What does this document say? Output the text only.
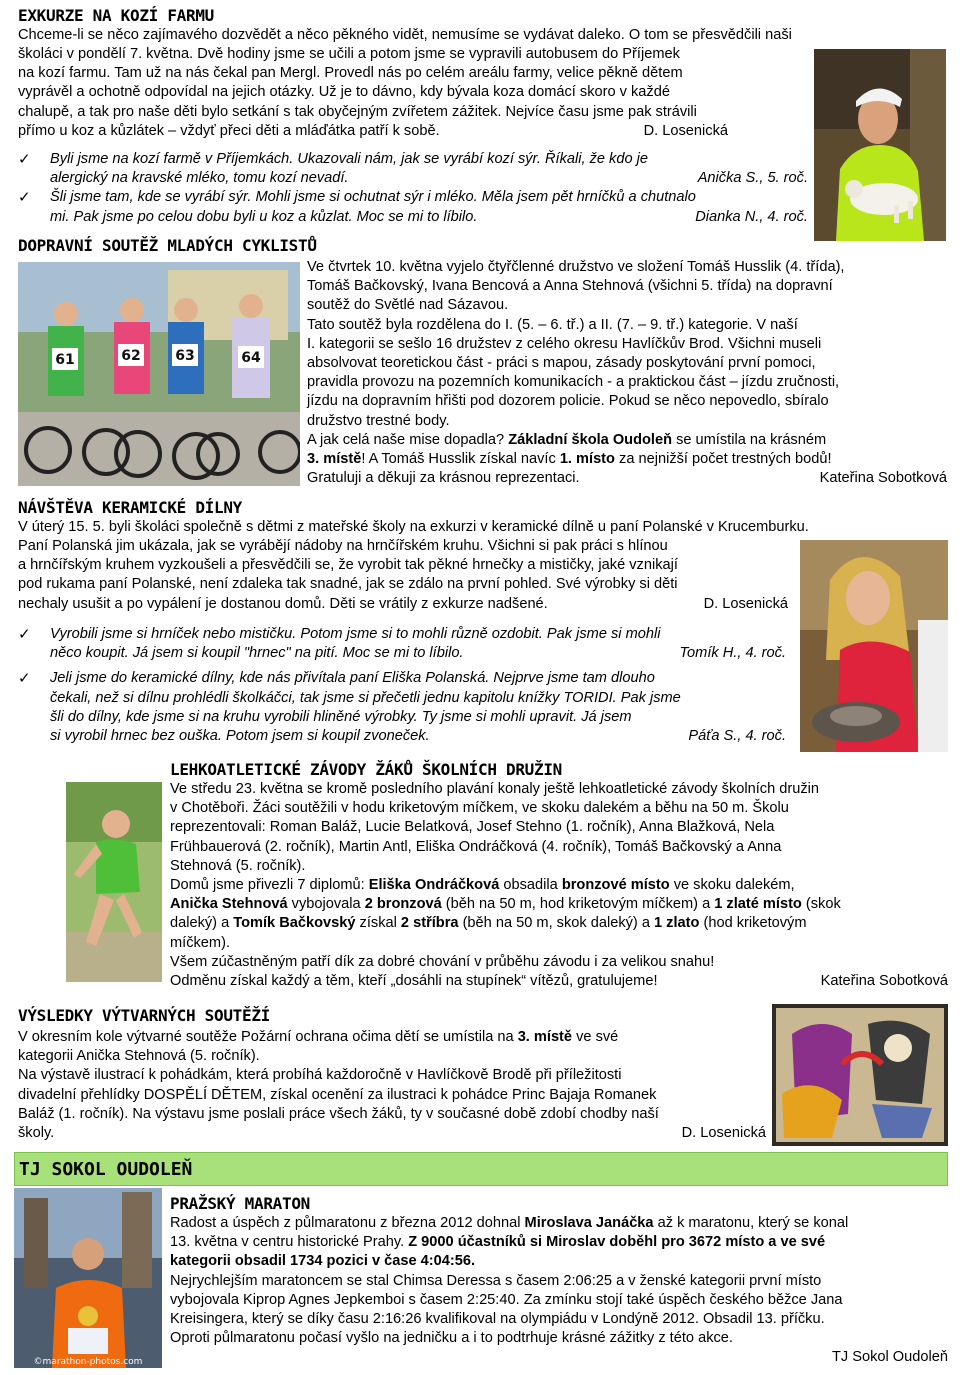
EXKURZE NA KOZÍ FARMU
Chceme-li se něco zajímavého dozvědět a něco pěkného vidět, nemusíme se vydávat daleko. O tom se přesvědčili naši
školáci v pondělí 7. května. Dvě hodiny jsme se učili a potom jsme se vypravili autobusem do Příjemek
na kozí farmu. Tam už na nás čekal pan Mergl. Provedl nás po celém areálu farmy, velice pěkně dětem
vyprávěl a ochotně odpovídal na jejich otázky. Už je to dávno, kdy bývala koza domácí skoro v každé
chalupě, a tak pro naše děti bylo setkání s tak obyčejným zvířetem zážitek. Nejvíce času jsme pak strávili
přímo u koz a kůzlátek – vždyť přeci děti a mláďátka patří k sobě.	D. Losenická
✓ Byli jsme na kozí farmě v Příjemkách. Ukazovali nám, jak se vyrábí kozí sýr. Říkali, že kdo je
alergický na kravské mléko, tomu kozí nevadí.	Anička S., 5. roč.
✓ Šli jsme tam, kde se vyrábí sýr. Mohli jsme si ochutnat sýr i mléko. Měla jsem pět hrníčků a chutnalo
mi. Pak jsme po celou dobu byli u koz a kůzlat. Moc se mi to líbilo.	Dianka N., 4. roč.
DOPRAVNÍ SOUTĚŽ MLADÝCH CYKLISTŮ
61	62 63	64
Ve čtvrtek 10. května vyjelo čtyřčlenné družstvo ve složení Tomáš Husslik (4. třída),
Tomáš Bačkovský, Ivana Bencová a Anna Stehnová (všichni 5. třída) na dopravní
soutěž do Světlé nad Sázavou.
Tato soutěž byla rozdělena do I. (5. – 6. tř.) a II. (7. – 9. tř.) kategorie. V naší
I. kategorii se sešlo 16 družstev z celého okresu Havlíčkův Brod. Všichni museli
absolvovat teoretickou část - práci s mapou, zásady poskytování první pomoci,
pravidla provozu na pozemních komunikacích - a praktickou část – jízdu zručnosti,
jízdu na dopravním hřišti pod dozorem policie. Pokud se něco nepovedlo, sbíralo
družstvo trestné body.
A jak celá naše mise dopadla? Základní škola Oudoleň se umístila na krásném
3. místě! A Tomáš Husslik získal navíc 1. místo za nejnižší počet trestných bodů!
Gratuluji a děkuji za krásnou reprezentaci.	Kateřina Sobotková
NÁVŠTĚVA KERAMICKÉ DÍLNY
V úterý 15. 5. byli školáci společně s dětmi z mateřské školy na exkurzi v keramické dílně u paní Polanské v Krucemburku.
Paní Polanská jim ukázala, jak se vyrábějí nádoby na hrnčířském kruhu. Všichni si pak práci s hlínou
a hrnčířským kruhem vyzkoušeli a přesvědčili se, že vyrobit tak pěkné hrnečky a mističky, jaké vznikají
pod rukama paní Polanské, není zdaleka tak snadné, jak se zdálo na první pohled. Své výrobky si děti
nechaly usušit a po vypálení je dostanou domů. Děti se vrátily z exkurze nadšené.	D. Losenická
✓ Vyrobili jsme si hrníček nebo mističku. Potom jsme si to mohli různě ozdobit. Pak jsme si mohli
něco koupit. Já jsem si koupil "hrnec" na pití. Moc se mi to líbilo.	Tomík H., 4. roč.
✓ Jeli jsme do keramické dílny, kde nás přivítala paní Eliška Polanská. Nejprve jsme tam dlouho
čekali, než si dílnu prohlédli školkáčci, tak jsme si přečetli jednu kapitolu knížky TORIDI. Pak jsme
šli do dílny, kde jsme si na kruhu vyrobili hliněné výrobky. Ty jsme si mohli upravit. Já jsem
si vyrobil hrnec bez ouška. Potom jsem si koupil zvoneček.	Páťa S., 4. roč.
LEHKOATLETICKÉ ZÁVODY ŽÁKŮ ŠKOLNÍCH DRUŽIN
Ve středu 23. května se kromě posledního plavání konaly ještě lehkoatletické závody školních družin
v Chotěboři. Žáci soutěžili v hodu kriketovým míčkem, ve skoku dalekém a běhu na 50 m. Školu
reprezentovali: Roman Baláž, Lucie Belatková, Josef Stehno (1. ročník), Anna Blažková, Nela
Frühbauerová (2. ročník), Martin Antl, Eliška Ondráčková (4. ročník), Tomáš Bačkovský a Anna
Stehnová (5. ročník).
Domů jsme přivezli 7 diplomů: Eliška Ondráčková obsadila bronzové místo ve skoku dalekém,
Anička Stehnová vybojovala 2 bronzová (běh na 50 m, hod kriketovým míčkem) a 1 zlaté místo (skok
daleký) a Tomík Bačkovský získal 2 stříbra (běh na 50 m, skok daleký) a 1 zlato (hod kriketovým
míčkem).
Všem zúčastněným patří dík za dobré chování v průběhu závodu i za velikou snahu!
Odměnu získal každý a těm, kteří „dosáhli na stupínek“ vítězů, gratulujeme!	Kateřina Sobotková
VÝSLEDKY VÝTVARNÝCH SOUTĚŽÍ
V okresním kole výtvarné soutěže Požární ochrana očima dětí se umístila na 3. místě ve své
kategorii Anička Stehnová (5. ročník).
Na výstavě ilustrací k pohádkám, která probíhá každoročně v Havlíčkově Brodě při příležitosti
divadelní přehlídky DOSPĚLÍ DĚTEM, získal ocenění za ilustraci k pohádce Princ Bajaja Romanek
Baláž (1. ročník). Na výstavu jsme poslali práce všech žáků, ty v současné době zdobí chodby naší
školy.	D. Losenická
TJ SOKOL OUDOLEŇ
©marathon-photos.com
PRAŽSKÝ MARATON
Radost a úspěch z půlmaratonu z března 2012 dohnal Miroslava Janáčka až k maratonu, který se konal
13. května v centru historické Prahy. Z 9000 účastníků si Miroslav doběhl pro 3672 místo a ve své
kategorii obsadil 1734 pozici v čase 4:04:56.
Nejrychlejším maratoncem se stal Chimsa Deressa s časem 2:06:25 a v ženské kategorii první místo
vybojovala Kiprop Agnes Jepkemboi s časem 2:25:40. Za zmínku stojí také úspěch českého běžce Jana
Kreisingera, který se díky času 2:16:26 kvalifikoval na olympiádu v Londýně 2012. Obsadil 13. příčku.
Oproti půlmaratonu počasí vyšlo na jedničku a i to podtrhuje krásné zážitky z této akce.
TJ Sokol Oudoleň
